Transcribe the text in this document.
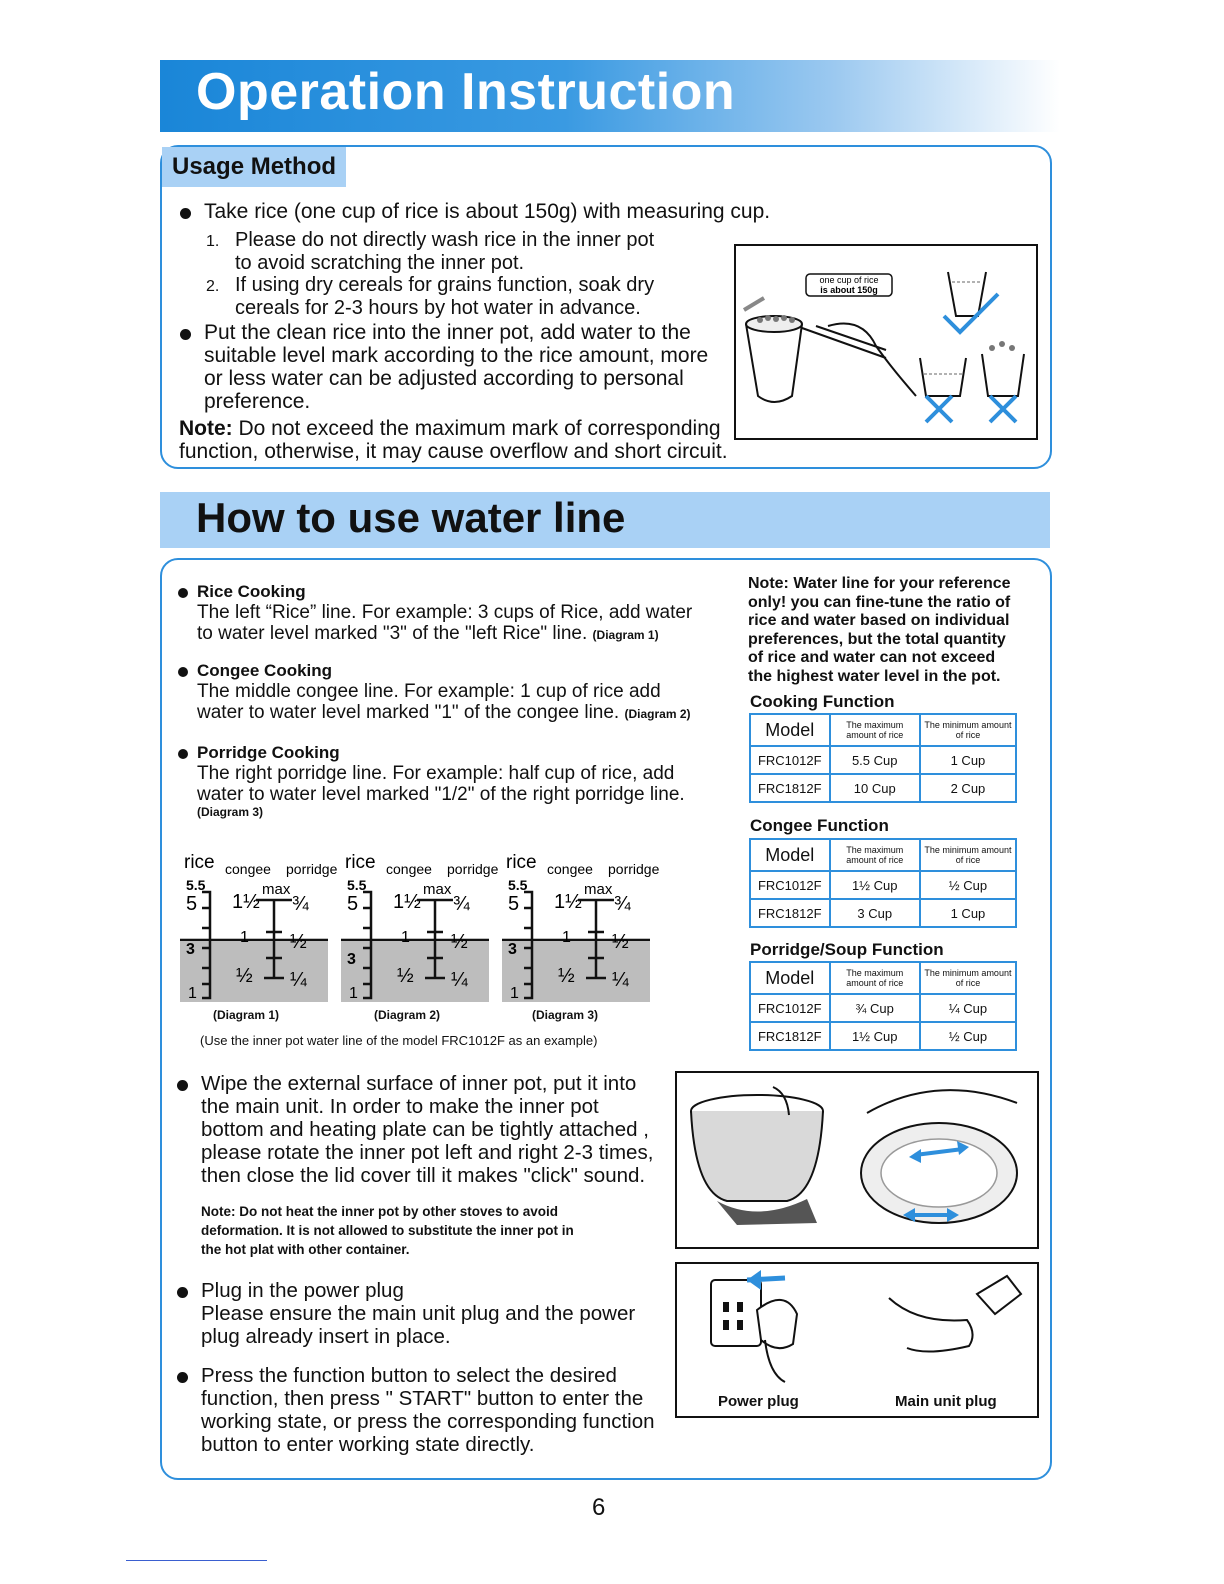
Operation Instruction
Usage Method
Take rice (one cup of rice is about 150g) with measuring cup.
1. Please do not directly wash rice in the inner pot
to avoid scratching the inner pot.
2. If using dry cereals for grains function, soak dry
cereals for 2-3 hours by hot water in advance.
Put the clean rice into the inner pot, add water to the
suitable level mark according to the rice amount, more
or less water can be adjusted according to personal
preference.
Note: Do not exceed the maximum mark of corresponding
function, otherwise, it may cause overflow and short circuit.
one cup of rice
is about 150g
How to use water line
Rice Cooking
The left “Rice” line. For example: 3 cups of Rice, add water
to water level marked "3" of the "left Rice" line. (Diagram 1)
Congee Cooking
The middle congee line. For example: 1 cup of rice add
water to water level marked "1" of the congee line. (Diagram 2)
Porridge Cooking
The right porridge line. For example: half cup of rice, add
water to water level marked "1/2" of the right porridge line.
(Diagram 3)
rice congee porridge
5.5
5
3
1
1½
max
1
½
¾
½
¼
rice congee porridge
5.5
5
3
1
1½
max
1
½
¾
½
¼
rice congee porridge
5.5
5
3
1
1½
max
1
½
¾
½
¼
(Diagram 1)	(Diagram 2)	(Diagram 3)
(Use the inner pot water line of the model FRC1012F as an example)
Note: Water line for your reference
only! you can fine-tune the ratio of
rice and water based on individual
preferences, but the total quantity
of rice and water can not exceed
the highest water level in the pot.
Cooking Function
Model	The maximum amount of rice	The minimum amount of rice
FRC1012F	5.5 Cup	1 Cup
FRC1812F	10 Cup	2 Cup
Congee Function
Model	The maximum amount of rice	The minimum amount of rice
FRC1012F	1½ Cup	½ Cup
FRC1812F	3 Cup	1 Cup
Porridge/Soup Function
Model	The maximum amount of rice	The minimum amount of rice
FRC1012F	¾ Cup	¼ Cup
FRC1812F	1½ Cup	½ Cup
Wipe the external surface of inner pot, put it into
the main unit. In order to make the inner pot
bottom and heating plate can be tightly attached ,
please rotate the inner pot left and right 2-3 times,
then close the lid cover till it makes "click" sound.
Note: Do not heat the inner pot by other stoves to avoid
deformation. It is not allowed to substitute the inner pot in
the hot plat with other container.
Plug in the power plug
Please ensure the main unit plug and the power
plug already insert in place.
Press the function button to select the desired
function, then press " START" button to enter the
working state, or press the corresponding function
button to enter working state directly.
Power plug	Main unit plug
6
